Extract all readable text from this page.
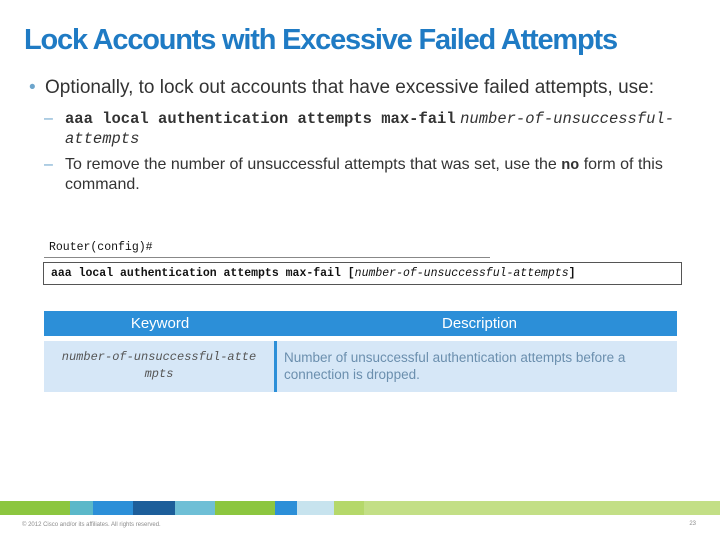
Lock Accounts with Excessive Failed Attempts
• Optionally, to lock out accounts that have excessive failed attempts, use:
– aaa local authentication attempts max-fail number-of-unsuccessful-attempts
– To remove the number of unsuccessful attempts that was set, use the no form of this command.
Router(config)#
aaa local authentication attempts max-fail [number-of-unsuccessful-attempts]
Keyword	Description
number-of-unsuccessful-attempts
Number of unsuccessful authentication attempts before a connection is dropped.
© 2012 Cisco and/or its affiliates. All rights reserved.	23
